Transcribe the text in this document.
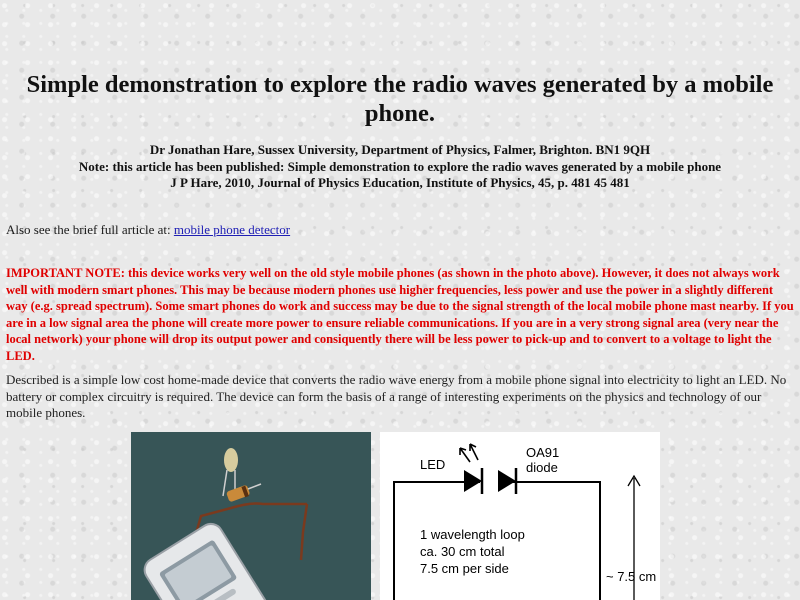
Simple demonstration to explore the radio waves generated by a mobile phone.
Dr Jonathan Hare, Sussex University, Department of Physics, Falmer, Brighton. BN1 9QH
Note: this article has been published: Simple demonstration to explore the radio waves generated by a mobile phone
J P Hare, 2010, Journal of Physics Education, Institute of Physics, 45, p. 481 45 481
Also see the brief full article at: mobile phone detector
IMPORTANT NOTE: this device works very well on the old style mobile phones (as shown in the photo above). However, it does not always work well with modern smart phones. This may be because modern phones use higher frequencies, less power and use the power in a slightly different way (e.g. spread spectrum). Some smart phones do work and success may be due to the signal strength of the local mobile phone mast nearby. If you are in a low signal area the phone will create more power to ensure reliable communications. If you are in a very strong signal area (very near the local network) your phone will drop its output power and consiquently there will be less power to pick-up and to convert to a voltage to light the LED.
Described is a simple low cost home-made device that converts the radio wave energy from a mobile phone signal into electricity to light an LED. No battery or complex circuitry is required. The device can form the basis of a range of interesting experiments on the physics and technology of our mobile phones.
LED
OA91
diode
1 wavelength loop
ca. 30 cm total
7.5 cm per side
~ 7.5 cm
